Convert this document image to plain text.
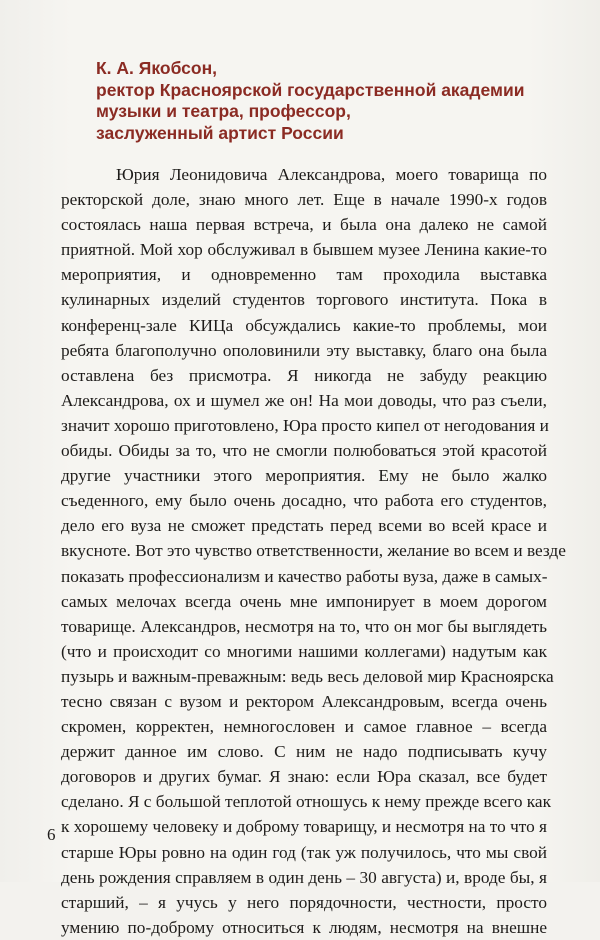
К. А. Якобсон,
ректор Красноярской государственной академии
музыки и театра, профессор,
заслуженный артист России
Юрия Леонидовича Александрова, моего товарища по
ректорской доле, знаю много лет. Еще в начале 1990-х годов
состоялась наша первая встреча, и была она далеко не самой
приятной. Мой хор обслуживал в бывшем музее Ленина какие-то
мероприятия, и одновременно там проходила выставка
кулинарных изделий студентов торгового института. Пока в
конференц-зале КИЦа обсуждались какие-то проблемы, мои
ребята благополучно ополовинили эту выставку, благо она была
оставлена без присмотра. Я никогда не забуду реакцию
Александрова, ох и шумел же он! На мои доводы, что раз съели,
значит хорошо приготовлено, Юра просто кипел от негодования и
обиды. Обиды за то, что не смогли полюбоваться этой красотой
другие участники этого мероприятия. Ему не было жалко
съеденного, ему было очень досадно, что работа его студентов,
дело его вуза не сможет предстать перед всеми во всей красе и
вкусноте. Вот это чувство ответственности, желание во всем и везде
показать профессионализм и качество работы вуза, даже в самых-
самых мелочах всегда очень мне импонирует в моем дорогом
товарище. Александров, несмотря на то, что он мог бы выглядеть
(что и происходит со многими нашими коллегами) надутым как
пузырь и важным-преважным: ведь весь деловой мир Красноярска
тесно связан с вузом и ректором Александровым, всегда очень
скромен, корректен, немногословен и самое главное – всегда
держит данное им слово. С ним не надо подписывать кучу
договоров и других бумаг. Я знаю: если Юра сказал, все будет
сделано. Я с большой теплотой отношусь к нему прежде всего как
к хорошему человеку и доброму товарищу, и несмотря на то что я
старше Юры ровно на один год (так уж получилось, что мы свой
день рождения справляем в один день – 30 августа) и, вроде бы, я
старший, – я учусь у него порядочности, честности, просто
умению по-доброму относиться к людям, несмотря на внешне
6
